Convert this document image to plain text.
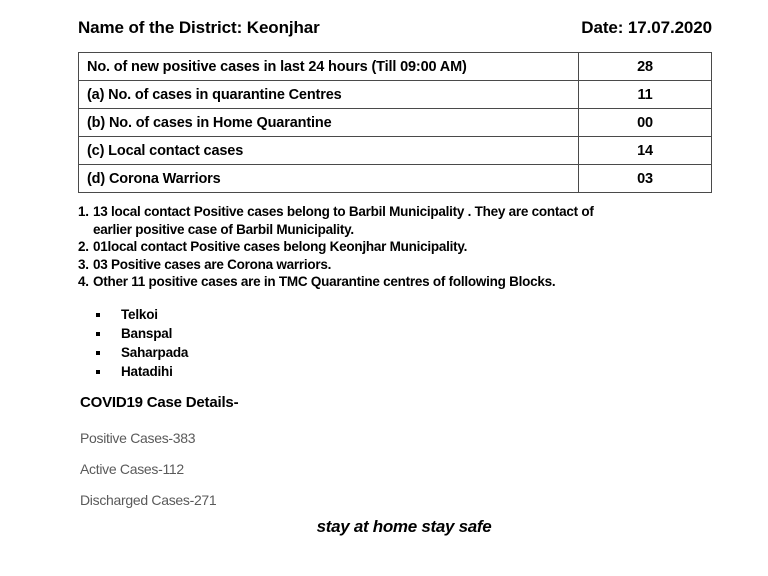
Name of the District: Keonjhar	Date: 17.07.2020
No. of new positive cases in last 24 hours (Till 09:00 AM)	28
(a) No. of cases in quarantine Centres	11
(b) No. of cases in Home Quarantine	00
(c) Local contact cases	14
(d) Corona Warriors	03
1. 13 local contact Positive cases belong to Barbil Municipality . They are contact of
earlier positive case of Barbil Municipality.
2. 01local contact Positive cases belong Keonjhar Municipality.
3. 03 Positive cases are Corona warriors.
4. Other 11 positive cases are in TMC Quarantine centres of following Blocks.
Telkoi
Banspal
Saharpada
Hatadihi
COVID19 Case Details-
Positive Cases-383
Active Cases-112
Discharged Cases-271
stay at home stay safe
